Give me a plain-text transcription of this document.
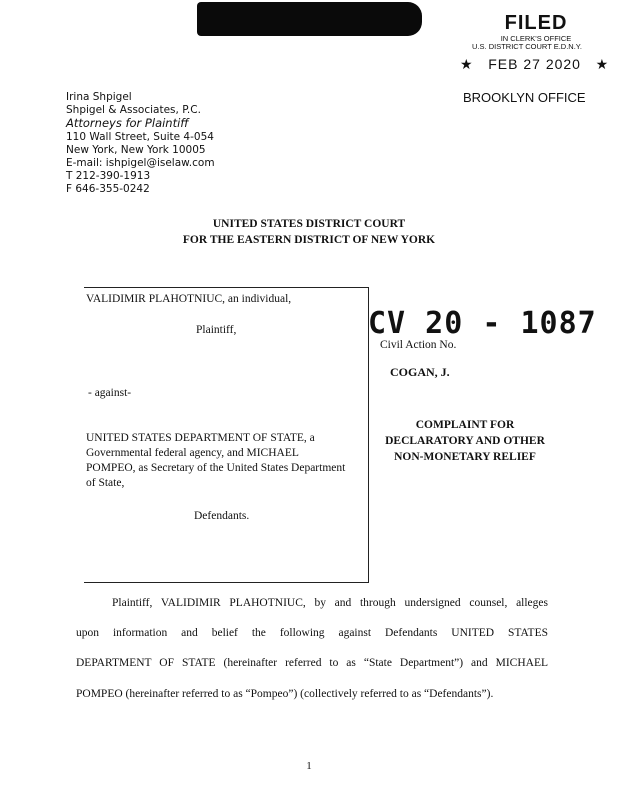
FILED
IN CLERK'S OFFICE
U.S. DISTRICT COURT E.D.N.Y.
★ FEB 27 2020 ★
BROOKLYN OFFICE
Irina Shpigel
Shpigel & Associates, P.C.
Attorneys for Plaintiff
110 Wall Street, Suite 4-054
New York, New York 10005
E-mail: ishpigel@iselaw.com
T 212-390-1913
F 646-355-0242
UNITED STATES DISTRICT COURT
FOR THE EASTERN DISTRICT OF NEW YORK
VALIDIMIR PLAHOTNIUC, an individual,
Plaintiff,
- against-
UNITED STATES DEPARTMENT OF STATE, a
Governmental federal agency, and MICHAEL
POMPEO, as Secretary of the United States Department
of State,
Defendants.
CV 20 - 1087
Civil Action No.
COGAN, J.
COMPLAINT FOR
DECLARATORY AND OTHER
NON-MONETARY RELIEF
Plaintiff, VALIDIMIR PLAHOTNIUC, by and through undersigned counsel, alleges
upon information and belief the following against Defendants UNITED STATES
DEPARTMENT OF STATE (hereinafter referred to as “State Department”) and MICHAEL
POMPEO (hereinafter referred to as “Pompeo”) (collectively referred to as “Defendants”).
1
